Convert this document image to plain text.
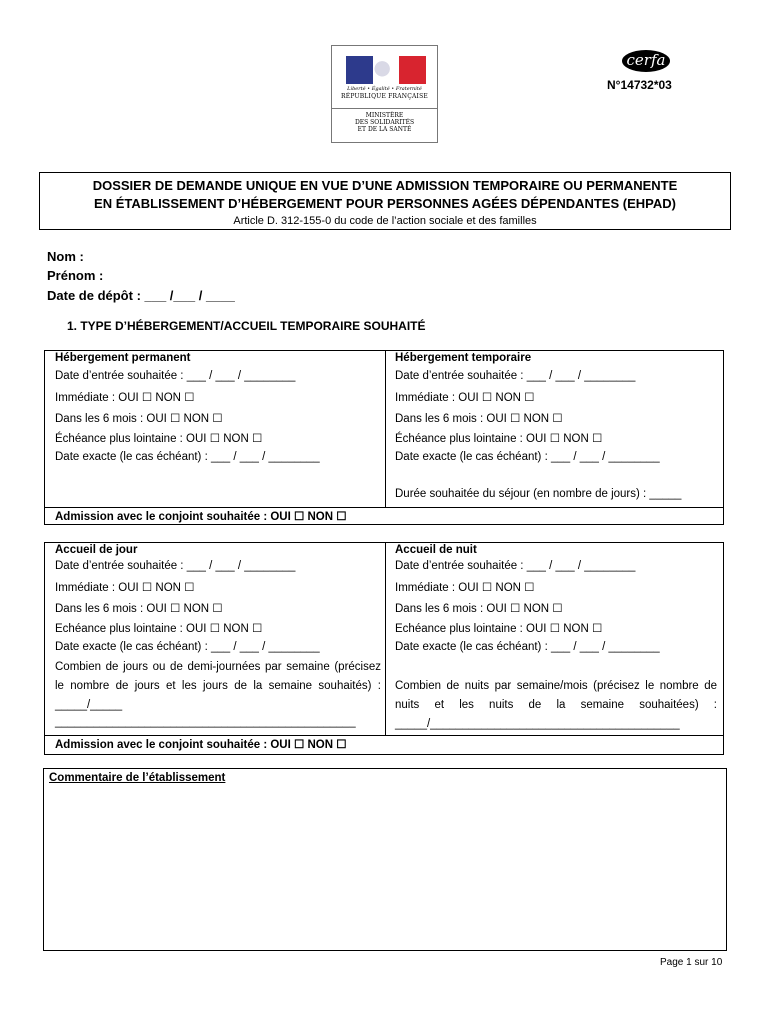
Liberté • Égalité • Fraternité
RÉPUBLIQUE FRANÇAISE
MINISTÈRE
DES SOLIDARITÉS
ET DE LA SANTÉ
cerfa
N°14732*03
DOSSIER DE DEMANDE UNIQUE EN VUE D’UNE ADMISSION TEMPORAIRE OU PERMANENTE
EN ÉTABLISSEMENT D’HÉBERGEMENT POUR PERSONNES AGÉES DÉPENDANTES (EHPAD)
Article D. 312-155-0 du code de l’action sociale et des familles
Nom :
Prénom :
Date de dépôt : ___ /___ / ____
1. TYPE D’HÉBERGEMENT/ACCUEIL TEMPORAIRE SOUHAITÉ
Hébergement permanent
Date d’entrée souhaitée : ___ / ___ / ________
Immédiate : OUI ☐ NON ☐
Dans les 6 mois : OUI ☐ NON ☐
Échéance plus lointaine : OUI ☐ NON ☐
Date exacte (le cas échéant) : ___ / ___ / ________
Hébergement temporaire
Date d’entrée souhaitée : ___ / ___ / ________
Immédiate : OUI ☐ NON ☐
Dans les 6 mois : OUI ☐ NON ☐
Échéance plus lointaine : OUI ☐ NON ☐
Date exacte (le cas échéant) : ___ / ___ / ________
Durée souhaitée du séjour (en nombre de jours) : _____
Admission avec le conjoint souhaitée : OUI ☐ NON ☐
Accueil de jour
Date d’entrée souhaitée : ___ / ___ / ________
Immédiate : OUI ☐ NON ☐
Dans les 6 mois : OUI ☐ NON ☐
Echéance plus lointaine : OUI ☐ NON ☐
Date exacte (le cas échéant) : ___ / ___ / ________
Combien de jours ou de demi-journées par semaine (précisez le nombre de jours et les jours de la semaine souhaités) : _____/_____
_______________________________________________
Accueil de nuit
Date d’entrée souhaitée : ___ / ___ / ________
Immédiate : OUI ☐ NON ☐
Dans les 6 mois : OUI ☐ NON ☐
Echéance plus lointaine : OUI ☐ NON ☐
Date exacte (le cas échéant) : ___ / ___ / ________
Combien de nuits par semaine/mois (précisez le nombre de nuits et les nuits de la semaine souhaitées) : _____/_______________________________________
Admission avec le conjoint souhaitée : OUI ☐ NON ☐
Commentaire de l’établissement
Page 1 sur 10
